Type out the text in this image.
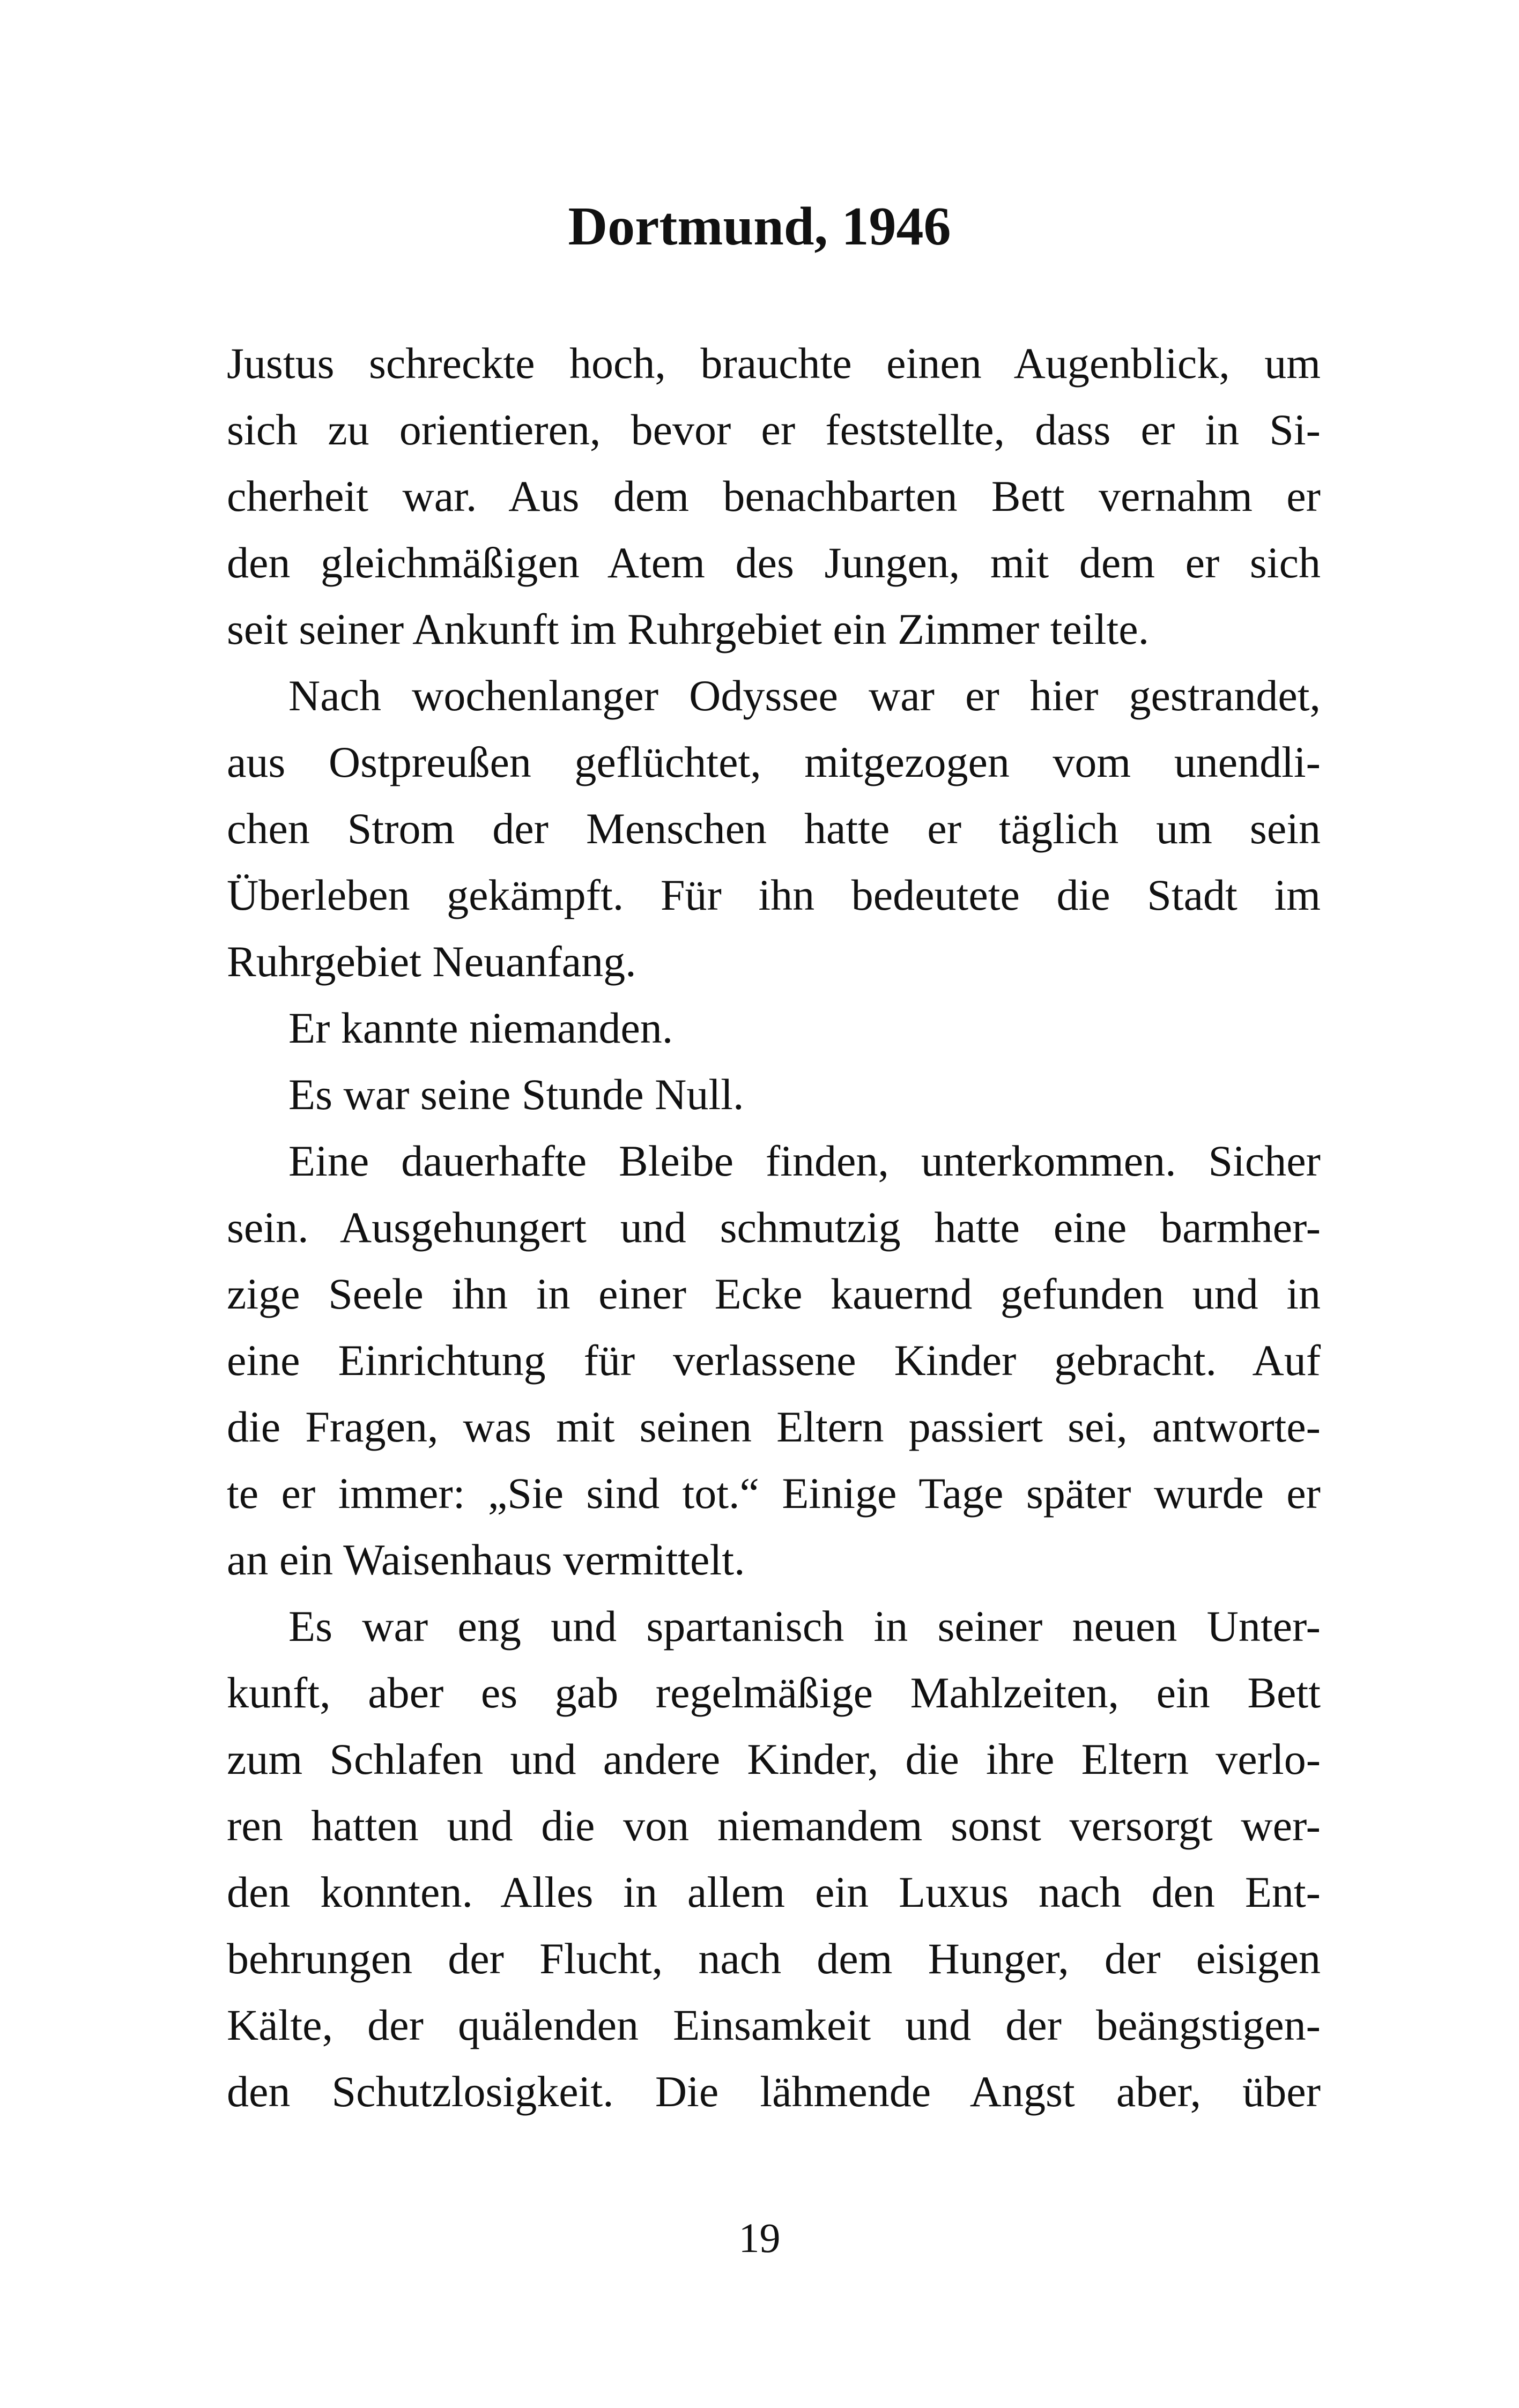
Dortmund, 1946
Justus schreckte hoch, brauchte einen Augenblick, um
sich zu orientieren, bevor er feststellte, dass er in Si-
cherheit war. Aus dem benachbarten Bett vernahm er
den gleichmäßigen Atem des Jungen, mit dem er sich
seit seiner Ankunft im Ruhrgebiet ein Zimmer teilte.
Nach wochenlanger Odyssee war er hier gestrandet,
aus Ostpreußen geflüchtet, mitgezogen vom unendli-
chen Strom der Menschen hatte er täglich um sein
Überleben gekämpft. Für ihn bedeutete die Stadt im
Ruhrgebiet Neuanfang.
Er kannte niemanden.
Es war seine Stunde Null.
Eine dauerhafte Bleibe finden, unterkommen. Sicher
sein. Ausgehungert und schmutzig hatte eine barmher-
zige Seele ihn in einer Ecke kauernd gefunden und in
eine Einrichtung für verlassene Kinder gebracht. Auf
die Fragen, was mit seinen Eltern passiert sei, antworte-
te er immer: „Sie sind tot.“ Einige Tage später wurde er
an ein Waisenhaus vermittelt.
Es war eng und spartanisch in seiner neuen Unter-
kunft, aber es gab regelmäßige Mahlzeiten, ein Bett
zum Schlafen und andere Kinder, die ihre Eltern verlo-
ren hatten und die von niemandem sonst versorgt wer-
den konnten. Alles in allem ein Luxus nach den Ent-
behrungen der Flucht, nach dem Hunger, der eisigen
Kälte, der quälenden Einsamkeit und der beängstigen-
den Schutzlosigkeit. Die lähmende Angst aber, über
19
